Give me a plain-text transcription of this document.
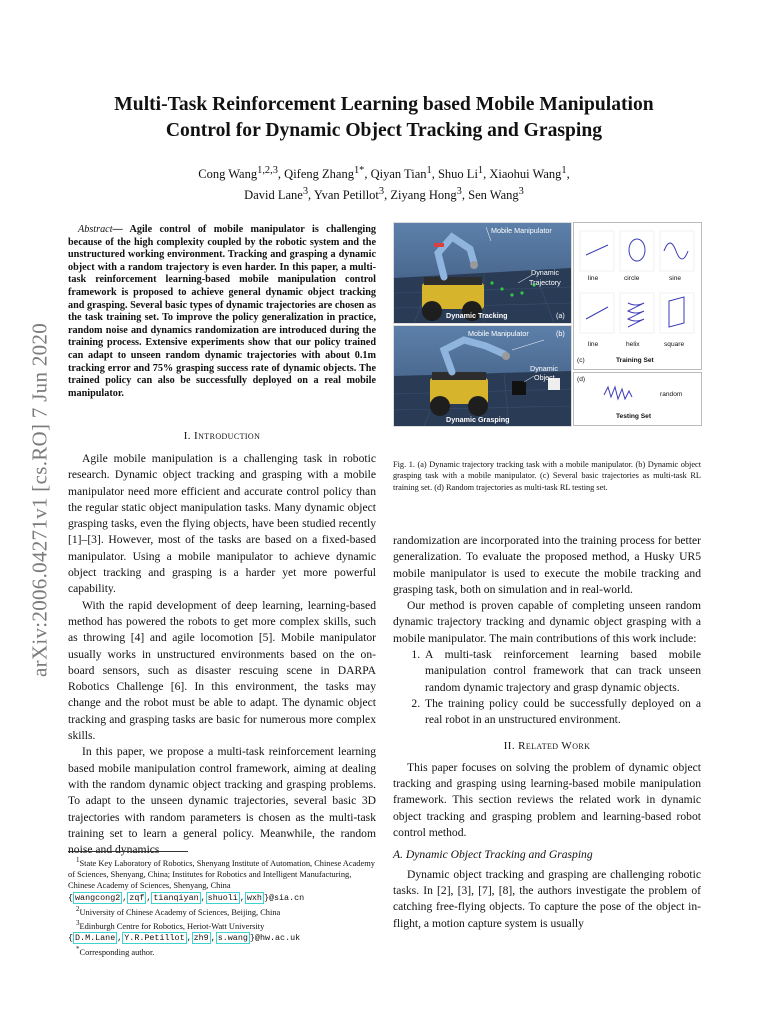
arXiv:2006.04271v1 [cs.RO] 7 Jun 2020
Multi-Task Reinforcement Learning based Mobile Manipulation
Control for Dynamic Object Tracking and Grasping
Cong Wang$^{1,2,3}$, Qifeng Zhang$^{1*}$, Qiyan Tian$^1$, Shuo Li$^1$, Xiaohui Wang$^1$,
David Lane$^3$, Yvan Petillot$^3$, Ziyang Hong$^3$, Sen Wang$^3$
Abstract— Agile control of mobile manipulator is challenging because of the high complexity coupled by the robotic system and the unstructured working environment. Tracking and grasping a dynamic object with a random trajectory is even harder. In this paper, a multi-task reinforcement learning-based mobile manipulation control framework is proposed to achieve general dynamic object tracking and grasping. Several basic types of dynamic trajectories are chosen as the task training set. To improve the policy generalization in practice, random noise and dynamics randomization are introduced during the training process. Extensive experiments show that our policy trained can adapt to unseen random dynamic trajectories with about 0.1m tracking error and 75% grasping success rate of dynamic objects. The trained policy can also be successfully deployed on a real mobile manipulator.
I. Introduction

Agile mobile manipulation is a challenging task in robotic research. Dynamic object tracking and grasping with a mobile manipulator need more efficient and accurate control policy than the regular static object manipulation tasks. Many dynamic object grasping tasks, even the flying objects, have been studied recently [1]–[3]. However, most of the tasks are based on a fixed-based manipulator. Using a mobile manipulator to achieve dynamic object tracking and grasping is a harder yet more powerful capability.

With the rapid development of deep learning, learning-based method has powered the robots to get more complex skills, such as throwing [4] and agile locomotion [5]. Mobile manipulator usually works in unstructured environments based on the on-board sensors, such as disaster rescuing scene in DARPA Robotics Challenge [6]. In this environment, the tasks may change and the robot must be able to adapt. The dynamic object tracking and grasping tasks are basic for numerous more complex skills.

In this paper, we propose a multi-task reinforcement learning based mobile manipulation control framework, aiming at dealing with the random dynamic object tracking and grasping problems. To adapt to the unseen dynamic trajectories, several basic 3D trajectories with random parameters is chosen as the multi-task training set to learn a general policy. Meanwhile, the random noise and dynamics

$^1$State Key Laboratory of Robotics, Shenyang Institute of Automation, Chinese Academy of Sciences, Shenyang, China; Institutes for Robotics and Intelligent Manufacturing, Chinese Academy of Sciences, Shenyang, China { wangcong2 , zqf , tianqiyan , shuoli , wxh }@sia.cn

$^2$University of Chinese Academy of Sciences, Beijing, China

$^3$Edinburgh Centre for Robotics, Heriot-Watt University { D.M.Lane , Y.R.Petillot , zh9 , s.wang }@hw.ac.uk

*Corresponding author.

Mobile Manipulator
Dynamic
Trajectory
Dynamic Tracking	(a)
Mobile Manipulator	(b)
Dynamic
Object
Dynamic Grasping
line	circle	sine
line	helix	square
(c)	Training Set
(d)
random
Testing Set
Fig. 1. (a) Dynamic trajectory tracking task with a mobile manipulator. (b) Dynamic object grasping task with a mobile manipulator. (c) Several basic trajectories as multi-task RL training set. (d) Random trajectories as multi-task RL testing set.

randomization are incorporated into the training process for better generalization. To evaluate the proposed method, a Husky UR5 mobile manipulator is used to execute the mobile tracking and grasping task, both on simulation and in real-world.

Our method is proven capable of completing unseen random dynamic trajectory tracking and dynamic object grasping with a mobile manipulator. The main contributions of this work include:

1. A multi-task reinforcement learning based mobile manipulation control framework that can track unseen random dynamic trajectory and grasp dynamic objects.
2. The training policy could be successfully deployed on a real robot in an unstructured environment.
II. Related Work

This paper focuses on solving the problem of dynamic object tracking and grasping using learning-based mobile manipulation framework. This section reviews the related work in dynamic object tracking and grasping problem and learning-based robot control method.

A. Dynamic Object Tracking and Grasping

Dynamic object tracking and grasping are challenging robotic tasks. In [2], [3], [7], [8], the authors investigate the problem of catching free-flying objects. To capture the pose of the object in-flight, a motion capture system is usually
